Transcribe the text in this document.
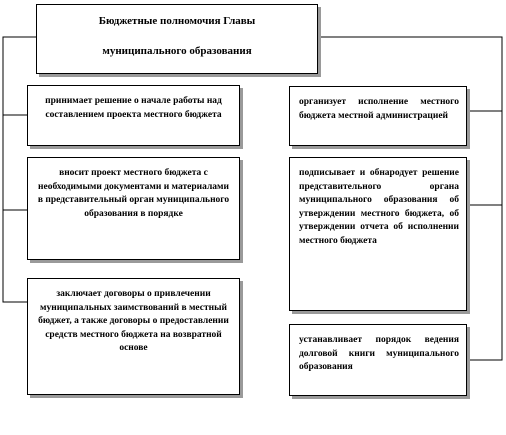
Бюджетные полномочия Главы
муниципального образования
принимает решение о начале работы над составлением проекта местного бюджета
вносит проект местного бюджета с необходимыми документами и материалами в представительный орган муниципального образования в порядке
заключает договоры о привлечении муниципальных заимствований в местный бюджет, а также договоры о предоставлении средств местного бюджета на возвратной основе
организует исполнение местного бюджета местной администрацией
подписывает и обнародует решение представительного органа муниципального образования об утверждении местного бюджета, об утверждении отчета об исполнении местного бюджета
устанавливает порядок ведения долговой книги муниципального образования
